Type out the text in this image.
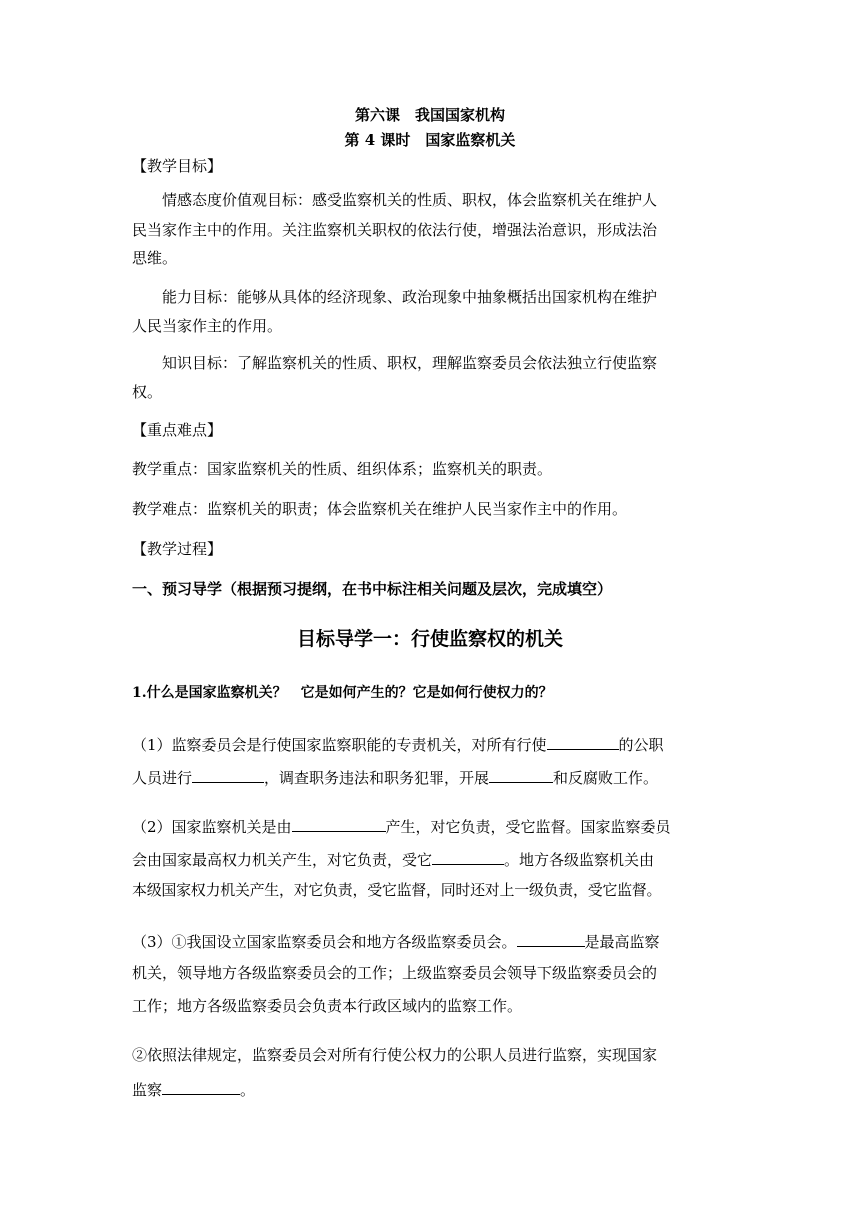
第六课　我国国家机构
第 4 课时　国家监察机关
【教学目标】
情感态度价值观目标：感受监察机关的性质、职权，体会监察机关在维护人
民当家作主中的作用。关注监察机关职权的依法行使，增强法治意识，形成法治
思维。
能力目标：能够从具体的经济现象、政治现象中抽象概括出国家机构在维护
人民当家作主的作用。
知识目标：了解监察机关的性质、职权，理解监察委员会依法独立行使监察
权。
【重点难点】
教学重点：国家监察机关的性质、组织体系；监察机关的职责。
教学难点：监察机关的职责；体会监察机关在维护人民当家作主中的作用。
【教学过程】
一、预习导学（根据预习提纲，在书中标注相关问题及层次，完成填空）
目标导学一：行使监察权的机关
1.什么是国家监察机关？　它是如何产生的？它是如何行使权力的？
（1）监察委员会是行使国家监察职能的专责机关，对所有行使	的公职
人员进行	，调查职务违法和职务犯罪，开展	和反腐败工作。
（2）国家监察机关是由	产生，对它负责，受它监督。国家监察委员
会由国家最高权力机关产生，对它负责，受它	。地方各级监察机关由
本级国家权力机关产生，对它负责，受它监督，同时还对上一级负责，受它监督。
（3）①我国设立国家监察委员会和地方各级监察委员会。	是最高监察
机关，领导地方各级监察委员会的工作；上级监察委员会领导下级监察委员会的
工作；地方各级监察委员会负责本行政区域内的监察工作。
②依照法律规定，监察委员会对所有行使公权力的公职人员进行监察，实现国家
监察	。
